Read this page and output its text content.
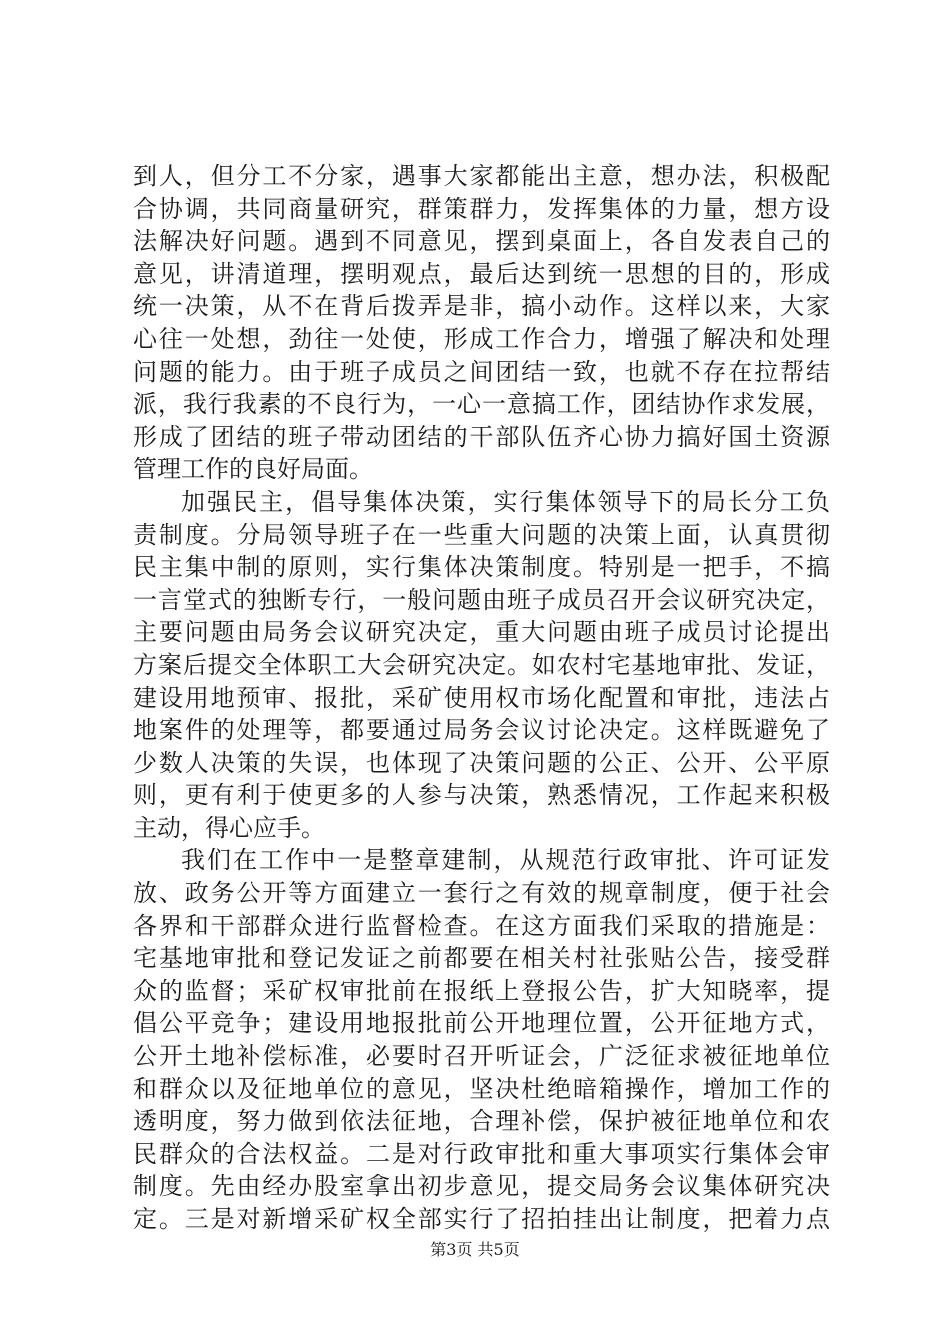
到人，但分工不分家，遇事大家都能出主意，想办法，积极配
合协调，共同商量研究，群策群力，发挥集体的力量，想方设
法解决好问题。遇到不同意见，摆到桌面上，各自发表自己的
意见，讲清道理，摆明观点，最后达到统一思想的目的，形成
统一决策，从不在背后拨弄是非，搞小动作。这样以来，大家
心往一处想，劲往一处使，形成工作合力，增强了解决和处理
问题的能力。由于班子成员之间团结一致，也就不存在拉帮结
派，我行我素的不良行为，一心一意搞工作，团结协作求发展，
形成了团结的班子带动团结的干部队伍齐心协力搞好国土资源
管理工作的良好局面。
加强民主，倡导集体决策，实行集体领导下的局长分工负
责制度。分局领导班子在一些重大问题的决策上面，认真贯彻
民主集中制的原则，实行集体决策制度。特别是一把手，不搞
一言堂式的独断专行，一般问题由班子成员召开会议研究决定，
主要问题由局务会议研究决定，重大问题由班子成员讨论提出
方案后提交全体职工大会研究决定。如农村宅基地审批、发证，
建设用地预审、报批，采矿使用权市场化配置和审批，违法占
地案件的处理等，都要通过局务会议讨论决定。这样既避免了
少数人决策的失误，也体现了决策问题的公正、公开、公平原
则，更有利于使更多的人参与决策，熟悉情况，工作起来积极
主动，得心应手。
我们在工作中一是整章建制，从规范行政审批、许可证发
放、政务公开等方面建立一套行之有效的规章制度，便于社会
各界和干部群众进行监督检查。在这方面我们采取的措施是：
宅基地审批和登记发证之前都要在相关村社张贴公告，接受群
众的监督；采矿权审批前在报纸上登报公告，扩大知晓率，提
倡公平竞争；建设用地报批前公开地理位置，公开征地方式，
公开土地补偿标准，必要时召开听证会，广泛征求被征地单位
和群众以及征地单位的意见，坚决杜绝暗箱操作，增加工作的
透明度，努力做到依法征地，合理补偿，保护被征地单位和农
民群众的合法权益。二是对行政审批和重大事项实行集体会审
制度。先由经办股室拿出初步意见，提交局务会议集体研究决
定。三是对新增采矿权全部实行了招拍挂出让制度，把着力点
第3页 共5页
